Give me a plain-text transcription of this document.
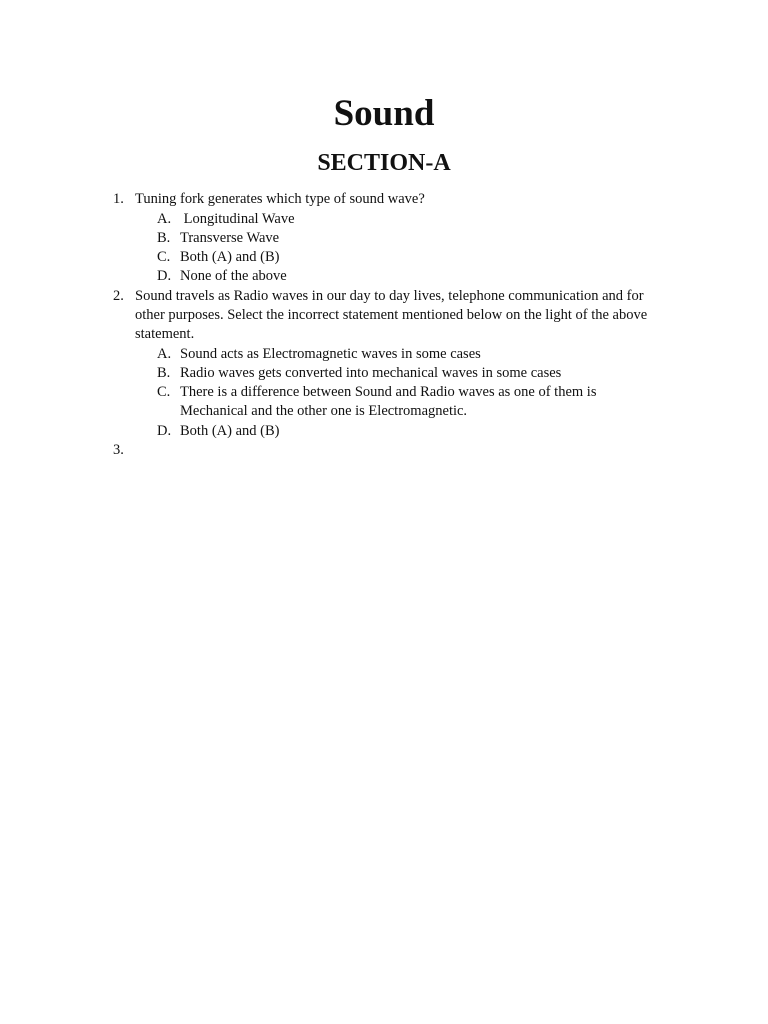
Sound
SECTION-A
1. Tuning fork generates which type of sound wave?
A. Longitudinal Wave
B. Transverse Wave
C. Both (A) and (B)
D. None of the above
2. Sound travels as Radio waves in our day to day lives, telephone communication and for other purposes. Select the incorrect statement mentioned below on the light of the above statement.
A. Sound acts as Electromagnetic waves in some cases
B. Radio waves gets converted into mechanical waves in some cases
C. There is a difference between Sound and Radio waves as one of them is Mechanical and the other one is Electromagnetic.
D. Both (A) and (B)
3.
